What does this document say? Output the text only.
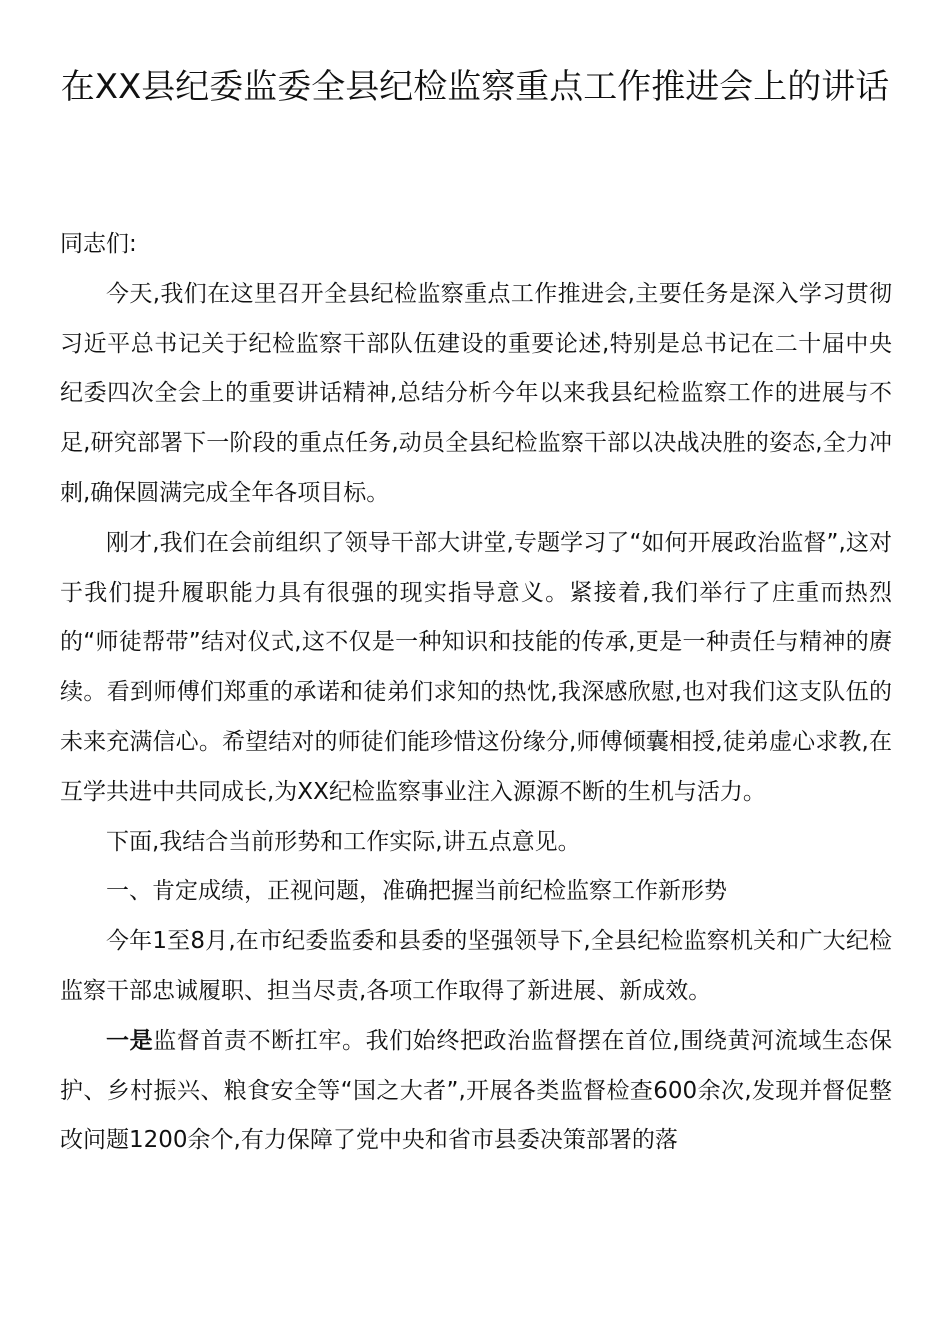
在XX县纪委监委全县纪检监察重点工作推进会上的讲话

同志们:

今天,我们在这里召开全县纪检监察重点工作推进会,主要任务是深入学习贯彻习近平总书记关于纪检监察干部队伍建设的重要论述,特别是总书记在二十届中央纪委四次全会上的重要讲话精神,总结分析今年以来我县纪检监察工作的进展与不足,研究部署下一阶段的重点任务,动员全县纪检监察干部以决战决胜的姿态,全力冲刺,确保圆满完成全年各项目标。

刚才,我们在会前组织了领导干部大讲堂,专题学习了“如何开展政治监督”,这对于我们提升履职能力具有很强的现实指导意义。紧接着,我们举行了庄重而热烈的“师徒帮带”结对仪式,这不仅是一种知识和技能的传承,更是一种责任与精神的赓续。看到师傅们郑重的承诺和徒弟们求知的热忱,我深感欣慰,也对我们这支队伍的未来充满信心。希望结对的师徒们能珍惜这份缘分,师傅倾囊相授,徒弟虚心求教,在互学共进中共同成长,为XX纪检监察事业注入源源不断的生机与活力。

下面,我结合当前形势和工作实际,讲五点意见。

一、肯定成绩，正视问题，准确把握当前纪检监察工作新形势

今年1至8月,在市纪委监委和县委的坚强领导下,全县纪检监察机关和广大纪检监察干部忠诚履职、担当尽责,各项工作取得了新进展、新成效。

一是监督首责不断扛牢。我们始终把政治监督摆在首位,围绕黄河流域生态保护、乡村振兴、粮食安全等“国之大者”,开展各类监督检查600余次,发现并督促整改问题1200余个,有力保障了党中央和省市县委决策部署的落
